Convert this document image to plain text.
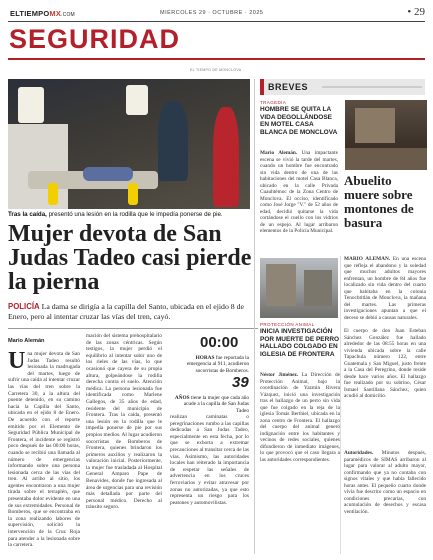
ELTIEMPOMX.COM	MIÉRCOLES 29 · OCTUBRE · 2025	• 29
SEGURIDAD
EL TIEMPO DE MONCLOVA
Tras la caída, presentó una lesión en la rodilla que le impedía ponerse de pie.
Mujer devota de San Judas Tadeo casi pierde la pierna
POLICÍA La dama se dirigía a la capilla del Santo, ubicada en el ejido 8 de Enero, pero al intentar cruzar las vías del tren, cayó.
Mario Alemán
Una mujer devota de San Judas Tadeo resultó lesionada la madrugada del martes, luego de sufrir una caída al intentar cruzar las vías del tren sobre la Carretera 30, a la altura del puente detenido, en su camino hacia la Capilla del Santo, ubicada en el ejido 8 de Enero. De acuerdo con el reporte emitido por el Elemento de Seguridad Pública Municipal de Frontera, el incidente se registró poco después de las 00:00 horas, cuando se recibió una llamada al número de emergencias informando sobre una persona lesionada cerca de las vías del tren. Al arribo al sitio, los agentes encontraron a una mujer tirada sobre el terraplén, que presentaba dolor evidente en una de sus extremidades. Personal de Bomberos, que se encontraba en la zona realizando labores de supervisión, solicitó la intervención de la Cruz Roja para atender a la lesionada sobre la carretera.
mación del sistema prehospitalario de las zonas céntricas. Según testigos, la mujer perdió el equilibrio al intentar subir uno de los rieles de las vías, lo que ocasionó que cayera de su propia altura, golpeándose la rodilla derecha contra el suelo. Atención médica. La persona lesionada fue identificada como Marlene Gallegos, de 35 años de edad, residente del municipio de Frontera. Tras la caída, presentó una lesión en la rodilla que le impedía ponerse de pie por sus propios medios. Al lugar acudieron socorristas de Bomberos de Frontera, quienes brindaron los primeros auxilios y realizaron la valoración inicial. Posteriormente, la mujer fue trasladada al Hospital General Amparo Pape de Benavides, donde fue ingresada al área de urgencias para una revisión más detallada por parte del personal médico. Derecho al tránsito seguro.
00:00
HORAS fue reportada la emergencia al 911, acudieron socorristas de Bomberos.
39
AÑOS tiene la mujer que cada año acude a la capilla de San Judas Tadeo
realizan caminatas o peregrinaciones rumbo a las capillas dedicadas a San Judas Tadeo, especialmente en esta fecha, por lo que se exhorta a extremar precauciones al transitar cerca de las vías. Asimismo, las autoridades locales han reiterado la importancia de respetar las señales de advertencia en los cruces ferroviarios y evitar atravesar por zonas no autorizadas, ya que esto representa un riesgo para los peatones y automovilistas.
BREVES
TRAGEDIA
HOMBRE SE QUITA LA VIDA DEGOLLÁNDOSE EN MOTEL CASA BLANCA DE MONCLOVA
Mario Alemán. Una impactante escena se vivió la tarde del martes, cuando un hombre fue encontrado sin vida dentro de una de las habitaciones del motel Casa Blanca, ubicado en la calle Privada Cuauhtémoc de la Zona Centro de Monclova. El occiso, identificado como José Jorge "V." de 52 años de edad, decidió quitarse la vida cortándose el cuello con los vidrios de un espejo. Al lugar arribaron elementos de la Policía Municipal.
Abuelito muere sobre montones de basura
MARIO ALEMÁN. En una escena que refleja el abandono y la soledad que muchos adultos mayores enfrentan, un hombre de 84 años fue localizado sin vida dentro del cuarto que habitaba en la colonia Tenochtitlán de Monclova, la mañana del martes. Las primeras investigaciones apuntan a que el deceso se debió a causas naturales.
El cuerpo de don Juan Esteban Sánchez González fue hallado alrededor de las 08:55 horas en una vivienda ubicada sobre la calle Tapachula número 122, entre Guatemala y San Miguel, justo frente a la Casa del Peregrino, donde reside desde hace varios años. El hallazgo fue realizado por su sobrino, César Ismael Santillana Sánchez, quien acudió al domicilio.
Autoridades. Minutos después, paramédicos de SIMAS arribaron al lugar para valorar al adulto mayor, confirmando que ya no contaba con signos vitales y que había fallecido horas antes. El pequeño cuarto donde vivía fue descrito como un espacio en condiciones precarias, con acumulación de desechos y escasa ventilación.
PROTECCIÓN ANIMAL
INICIA INVESTIGACIÓN POR MUERTE DE PERRO HALLADO COLGADO EN IGLESIA DE FRONTERA
Néstor Jiménez. La Dirección de Protección Animal, bajo la coordinación de Yazmin Rivera Vázquez, inició una investigación tras el hallazgo de un perro sin vida que fue colgado en la reja de la iglesia Tomás Berthiel, ubicada en la zona centro de Frontera. El hallazgo del cuerpo del animal generó indignación entre los habitantes y vecinos de redes sociales, quienes difundieron de inmediato imágenes, lo que provocó que el caso llegara a las autoridades correspondientes.
